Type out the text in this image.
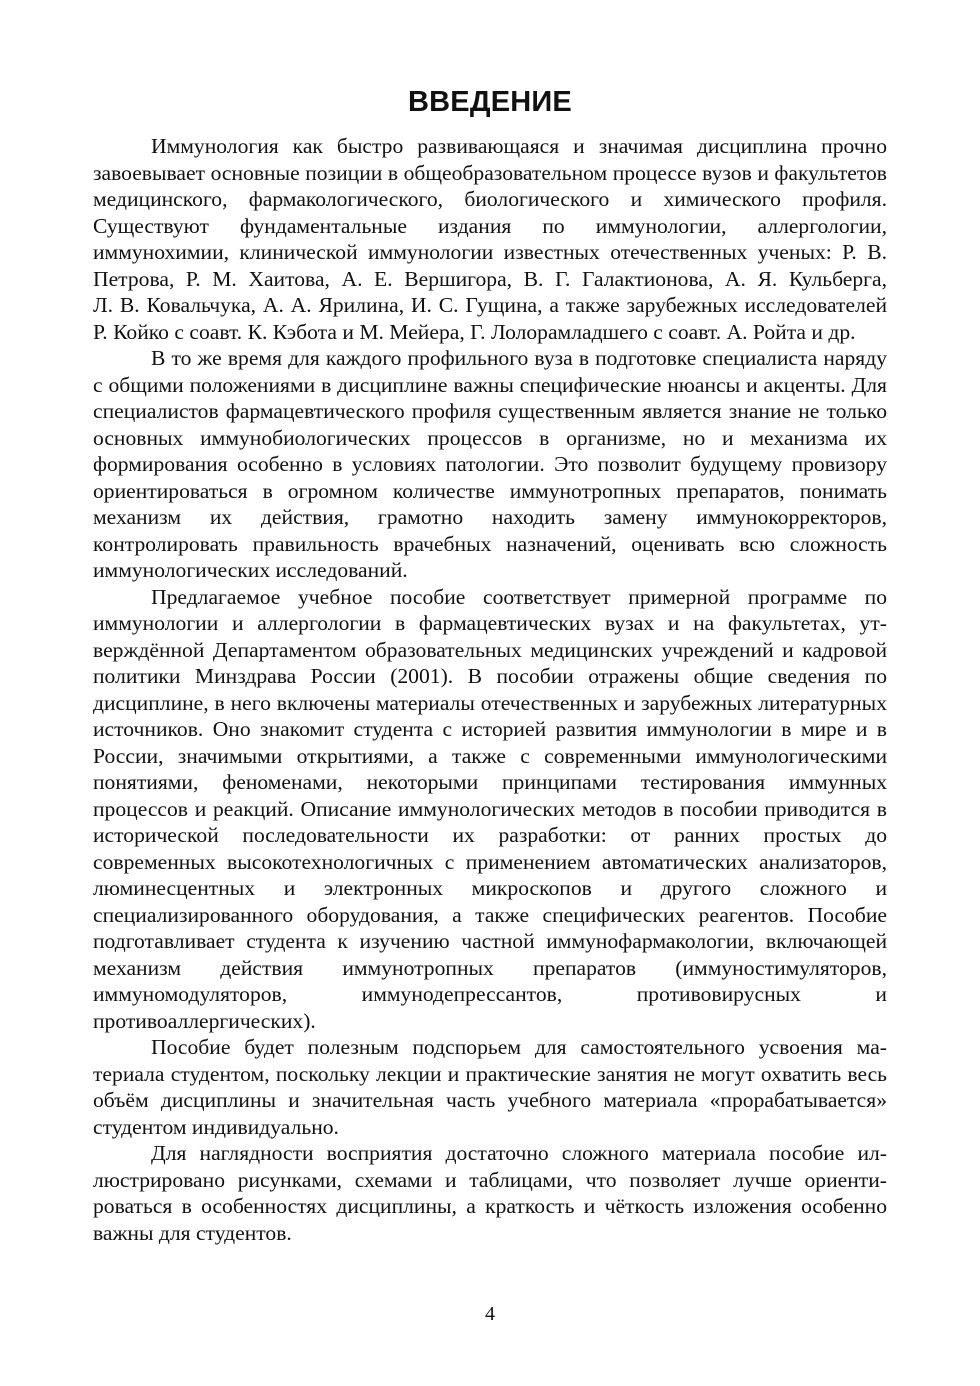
ВВЕДЕНИЕ

Иммунология как быстро развивающаяся и значимая дисциплина прочно завоевывает основные позиции в общеобразовательном процессе вузов и факультетов медицинского, фармакологического, биологического и химического профиля. Существуют фундаментальные издания по иммунологии, аллергологии, иммунохимии, клинической иммунологии известных отечественных ученых: Р. В. Петрова, Р. М. Хаитова, А. Е. Вершигора, В. Г. Галактионова, А. Я. Кульберга, Л. В. Ковальчука, А. А. Ярилина, И. С. Гущина, а также зарубежных исследователей Р. Койко с соавт. К. Кэбота и М. Мейера, Г. Лолорамладшего с соавт. А. Ройта и др.

В то же время для каждого профильного вуза в подготовке специалиста наряду с общими положениями в дисциплине важны специфические нюансы и акценты. Для специалистов фармацевтического профиля существенным является знание не только основных иммунобиологических процессов в организме, но и механизма их формирования особенно в условиях патологии. Это позволит будущему провизору ориентироваться в огромном количестве иммунотропных препаратов, понимать механизм их действия, грамотно находить замену иммунокорректоров, контролировать правильность врачебных назначений, оценивать всю сложность иммунологических исследований.

Предлагаемое учебное пособие соответствует примерной программе по иммунологии и аллергологии в фармацевтических вузах и на факультетах, утверждённой Департаментом образовательных медицинских учреждений и кадровой политики Минздрава России (2001). В пособии отражены общие сведения по дисциплине, в него включены материалы отечественных и зарубежных литературных источников. Оно знакомит студента с историей развития иммунологии в мире и в России, значимыми открытиями, а также с современными иммунологическими понятиями, феноменами, некоторыми принципами тестирования иммунных процессов и реакций. Описание иммунологических методов в пособии приводится в исторической последовательности их разработки: от ранних простых до современных высокотехнологичных с применением автоматических анализаторов, люминесцентных и электронных микроскопов и другого сложного и специализированного оборудования, а также специфических реагентов. Пособие подготавливает студента к изучению частной иммунофармакологии, включающей механизм действия иммунотропных препаратов (иммуностимуляторов, иммуномодуляторов, иммунодепрессантов, противовирусных и противоаллергических).

Пособие будет полезным подспорьем для самостоятельного усвоения материала студентом, поскольку лекции и практические занятия не могут охватить весь объём дисциплины и значительная часть учебного материала «прорабатывается» студентом индивидуально.

Для наглядности восприятия достаточно сложного материала пособие иллюстрировано рисунками, схемами и таблицами, что позволяет лучше ориентироваться в особенностях дисциплины, а краткость и чёткость изложения особенно важны для студентов.

4
